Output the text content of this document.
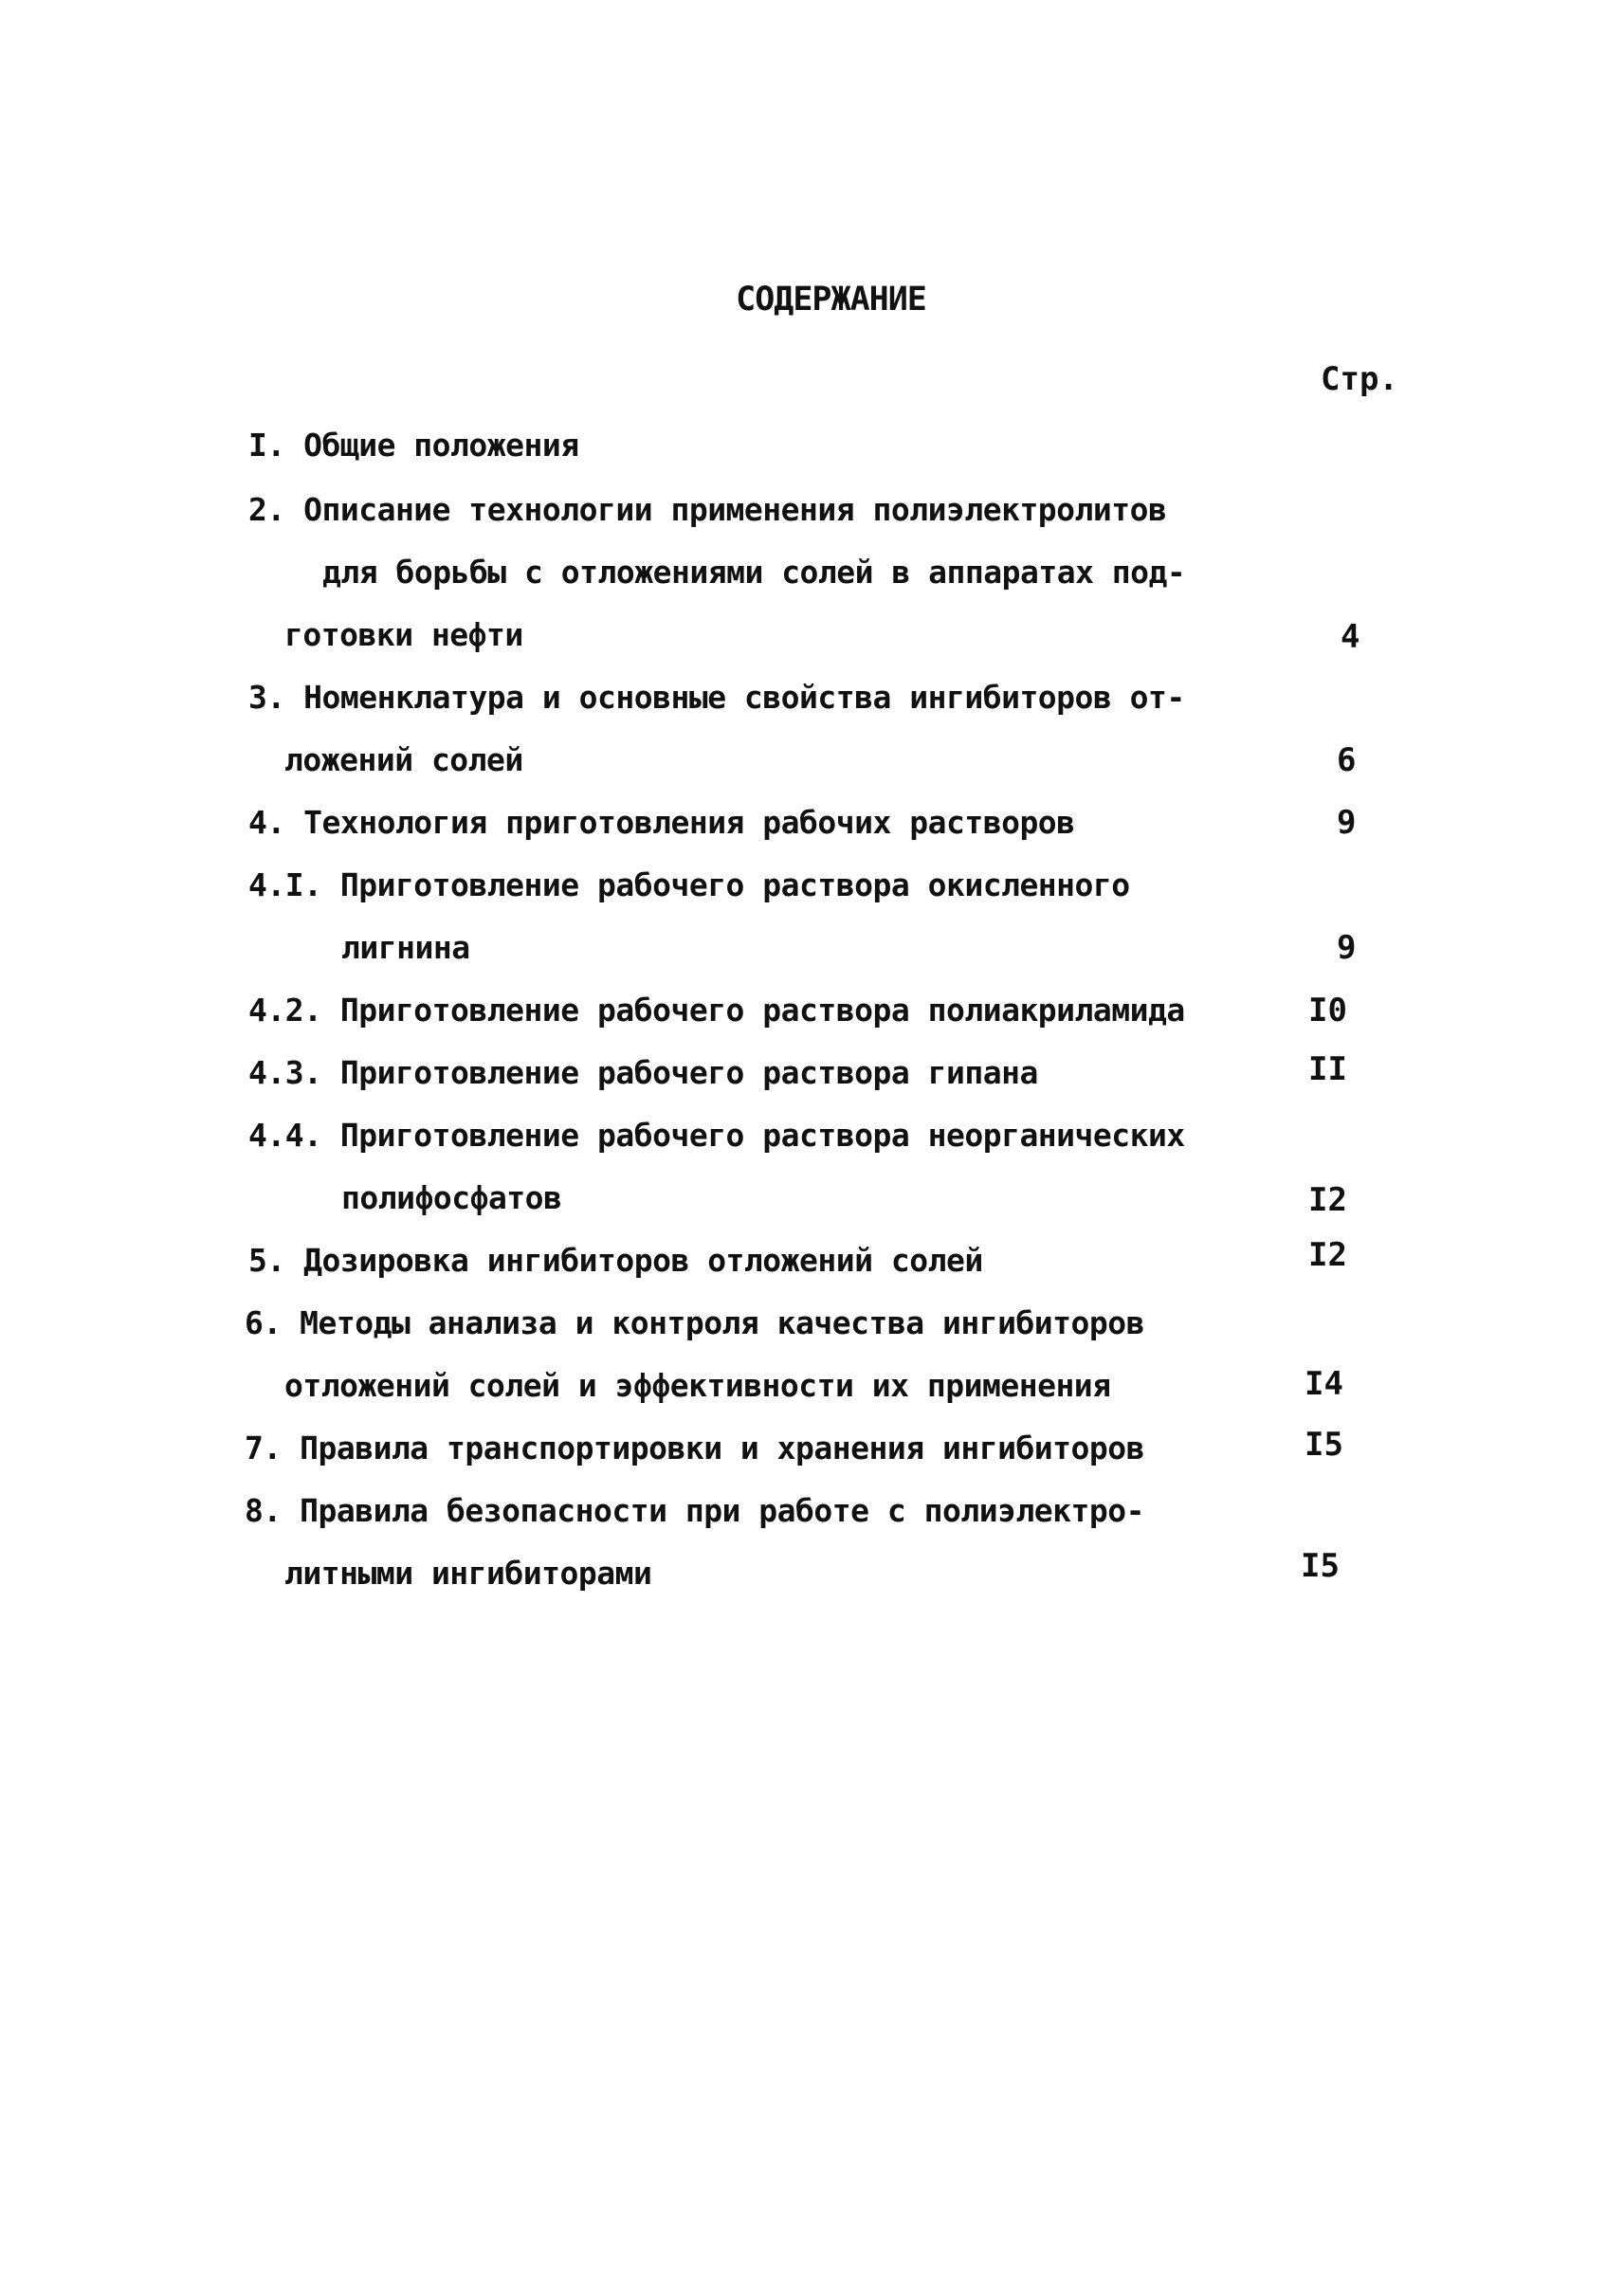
СОДЕРЖАНИЕ
Стр.
I. Общие положения
2. Описание технологии применения полиэлектролитов
для борьбы с отложениями солей в аппаратах под-
готовки нефти	4
3. Номенклатура и основные свойства ингибиторов от-
ложений солей	6
4. Технология приготовления рабочих растворов	9
4.I. Приготовление рабочего раствора окисленного
лигнина	9
4.2. Приготовление рабочего раствора полиакриламида	I0
4.3. Приготовление рабочего раствора гипана	II
4.4. Приготовление рабочего раствора неорганических
полифосфатов	I2
5. Дозировка ингибиторов отложений солей	I2
6. Методы анализа и контроля качества ингибиторов
отложений солей и эффективности их применения	I4
7. Правила транспортировки и хранения ингибиторов	I5
8. Правила безопасности при работе с полиэлектро-
литными ингибиторами	I5
